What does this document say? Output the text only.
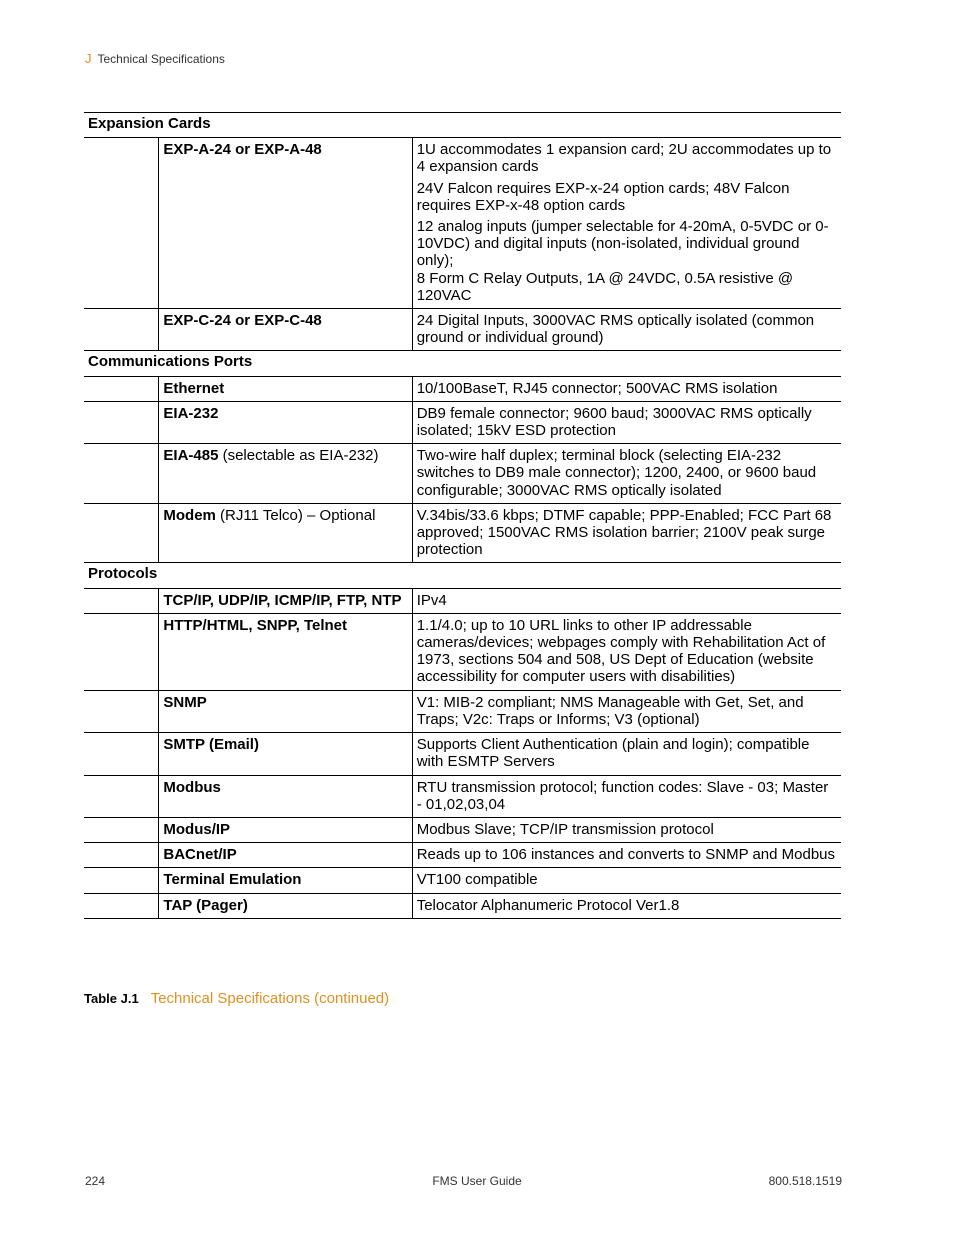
J Technical Specifications
Expansion Cards		
	EXP-A-24 or EXP-A-48	1U accommodates 1 expansion card; 2U accommodates up to 4 expansion cards
24V Falcon requires EXP-x-24 option cards; 48V Falcon requires EXP-x-48 option cards
12 analog inputs (jumper selectable for 4-20mA, 0-5VDC or 0-10VDC) and digital inputs (non-isolated, individual ground only);
8 Form C Relay Outputs, 1A @ 24VDC, 0.5A resistive @ 120VAC

	EXP-C-24 or EXP-C-48	24 Digital Inputs, 3000VAC RMS optically isolated (common ground or individual ground)

Communications Ports		
	Ethernet	10/100BaseT, RJ45 connector; 500VAC RMS isolation

	EIA-232	DB9 female connector; 9600 baud; 3000VAC RMS optically isolated; 15kV ESD protection

	EIA-485 (selectable as EIA-232)	Two-wire half duplex; terminal block (selecting EIA-232 switches to DB9 male connector); 1200, 2400, or 9600 baud configurable; 3000VAC RMS optically isolated

	Modem (RJ11 Telco) – Optional	V.34bis/33.6 kbps; DTMF capable; PPP-Enabled; FCC Part 68 approved; 1500VAC RMS isolation barrier; 2100V peak surge protection

Protocols		
	TCP/IP, UDP/IP, ICMP/IP, FTP, NTP	IPv4

	HTTP/HTML, SNPP, Telnet	1.1/4.0; up to 10 URL links to other IP addressable cameras/devices; webpages comply with Rehabilitation Act of 1973, sections 504 and 508, US Dept of Education (website accessibility for computer users with disabilities)

	SNMP	V1: MIB-2 compliant; NMS Manageable with Get, Set, and Traps; V2c: Traps or Informs; V3 (optional)

	SMTP (Email)	Supports Client Authentication (plain and login); compatible with ESMTP Servers

	Modbus	RTU transmission protocol; function codes: Slave - 03; Master - 01,02,03,04

	Modus/IP	Modbus Slave; TCP/IP transmission protocol

	BACnet/IP	Reads up to 106 instances and converts to SNMP and Modbus

	Terminal Emulation	VT100 compatible

	TAP (Pager)	Telocator Alphanumeric Protocol Ver1.8
Table J.1 Technical Specifications (continued)
224	FMS User Guide	800.518.1519
